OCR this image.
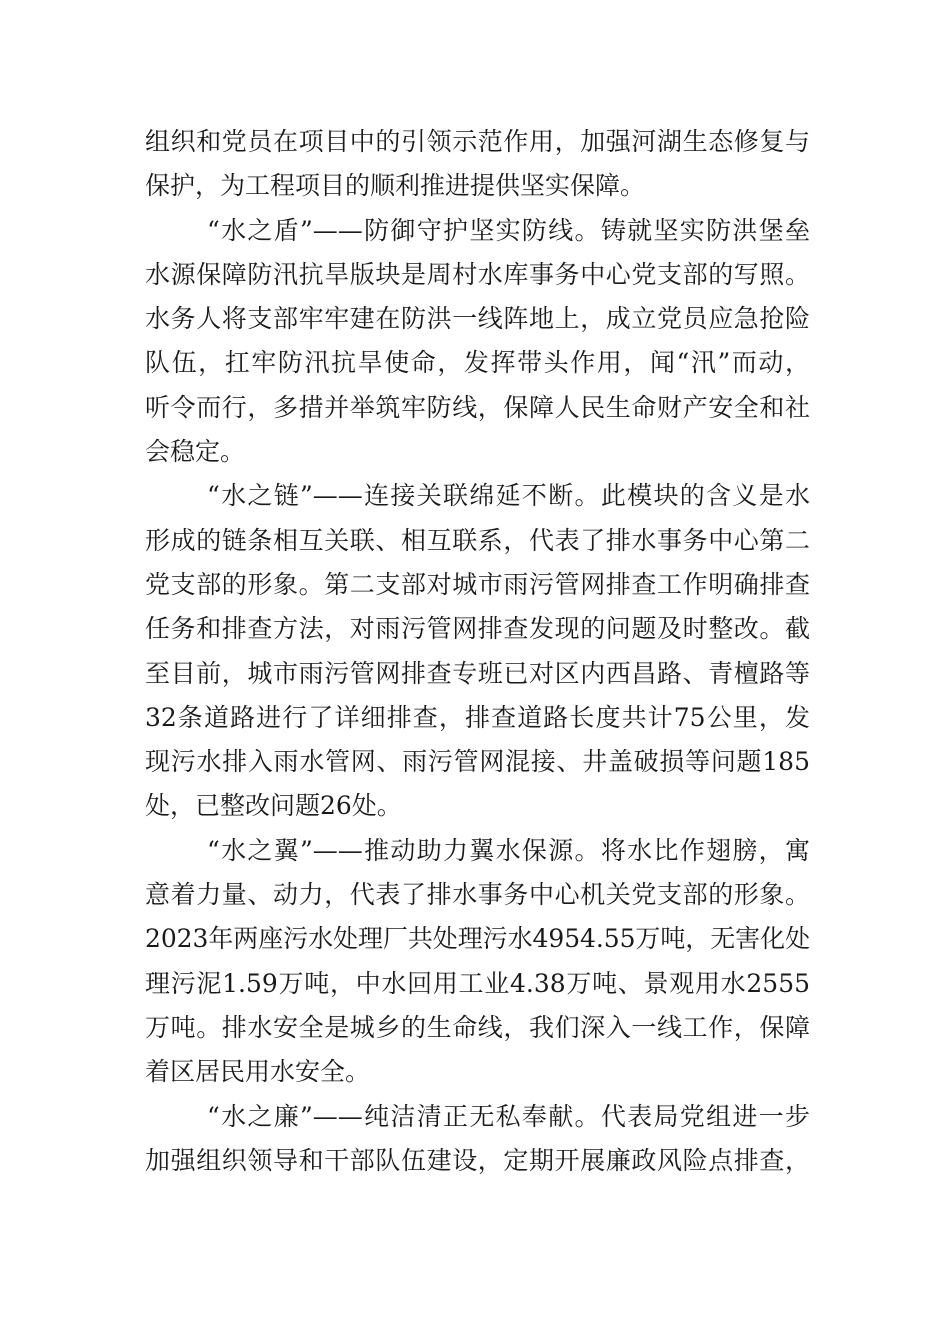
组织和党员在项目中的引领示范作用，加强河湖生态修复与
保护，为工程项目的顺利推进提供坚实保障。
“水之盾”——防御守护坚实防线。铸就坚实防洪堡垒
水源保障防汛抗旱版块是周村水库事务中心党支部的写照。
水务人将支部牢牢建在防洪一线阵地上，成立党员应急抢险
队伍，扛牢防汛抗旱使命，发挥带头作用，闻“汛”而动，
听令而行，多措并举筑牢防线，保障人民生命财产安全和社
会稳定。
“水之链”——连接关联绵延不断。此模块的含义是水
形成的链条相互关联、相互联系，代表了排水事务中心第二
党支部的形象。第二支部对城市雨污管网排查工作明确排查
任务和排查方法，对雨污管网排查发现的问题及时整改。截
至目前，城市雨污管网排查专班已对区内西昌路、青檀路等
32条道路进行了详细排查，排查道路长度共计75公里，发
现污水排入雨水管网、雨污管网混接、井盖破损等问题185
处，已整改问题26处。
“水之翼”——推动助力翼水保源。将水比作翅膀，寓
意着力量、动力，代表了排水事务中心机关党支部的形象。
2023年两座污水处理厂共处理污水4954.55万吨，无害化处
理污泥1.59万吨，中水回用工业4.38万吨、景观用水2555
万吨。排水安全是城乡的生命线，我们深入一线工作，保障
着区居民用水安全。
“水之廉”——纯洁清正无私奉献。代表局党组进一步
加强组织领导和干部队伍建设，定期开展廉政风险点排查，
